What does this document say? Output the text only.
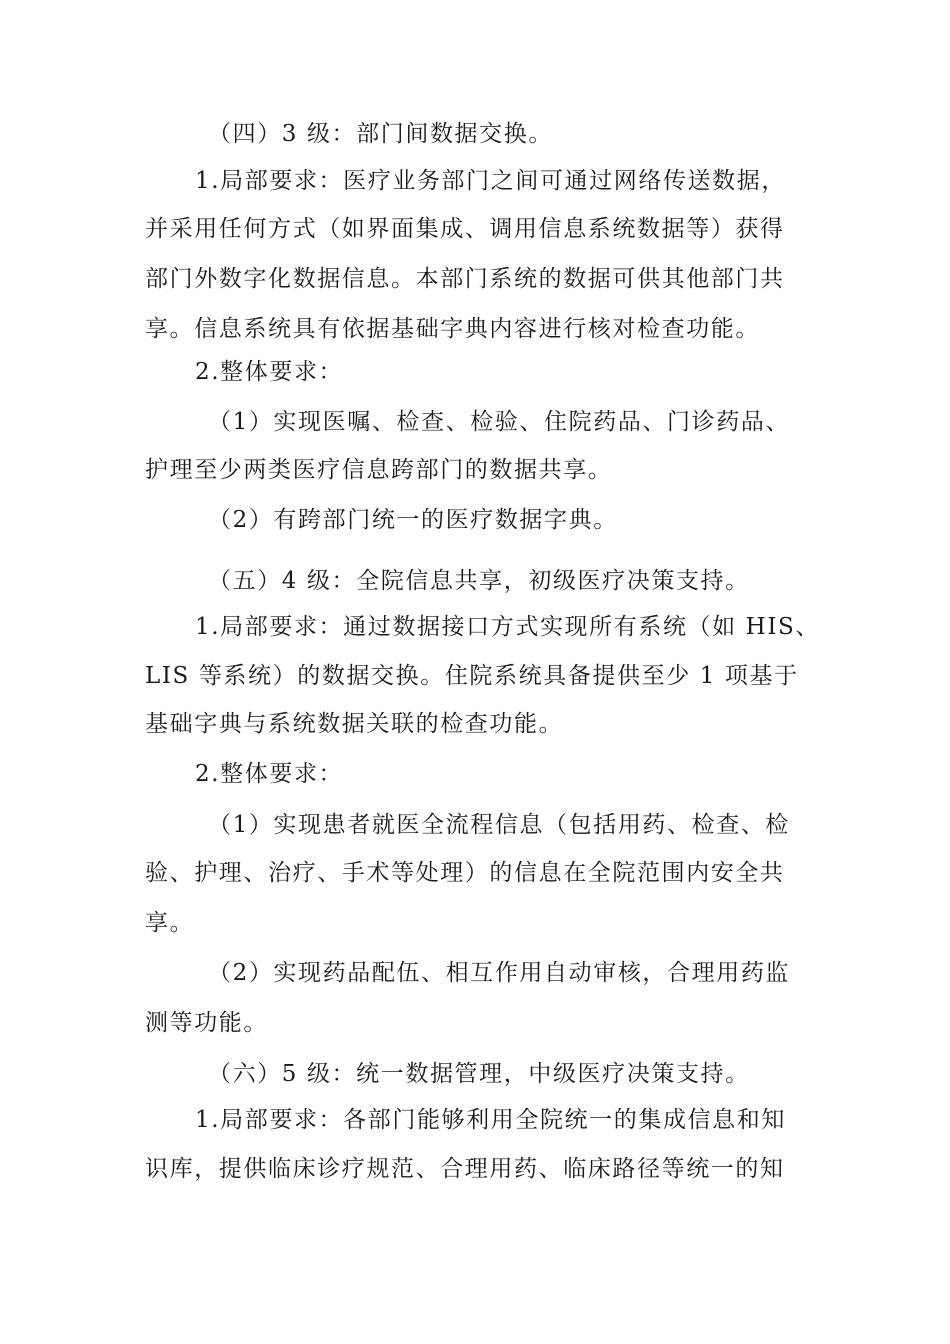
（四）3 级：部门间数据交换。
1.局部要求：医疗业务部门之间可通过网络传送数据，
并采用任何方式（如界面集成、调用信息系统数据等）获得
部门外数字化数据信息。本部门系统的数据可供其他部门共
享。信息系统具有依据基础字典内容进行核对检查功能。
2.整体要求：
（1）实现医嘱、检查、检验、住院药品、门诊药品、
护理至少两类医疗信息跨部门的数据共享。
（2）有跨部门统一的医疗数据字典。
（五）4 级：全院信息共享，初级医疗决策支持。
1.局部要求：通过数据接口方式实现所有系统（如 HIS、
LIS 等系统）的数据交换。住院系统具备提供至少 1 项基于
基础字典与系统数据关联的检查功能。
2.整体要求：
（1）实现患者就医全流程信息（包括用药、检查、检
验、护理、治疗、手术等处理）的信息在全院范围内安全共
享。
（2）实现药品配伍、相互作用自动审核，合理用药监
测等功能。
（六）5 级：统一数据管理，中级医疗决策支持。
1.局部要求：各部门能够利用全院统一的集成信息和知
识库，提供临床诊疗规范、合理用药、临床路径等统一的知
